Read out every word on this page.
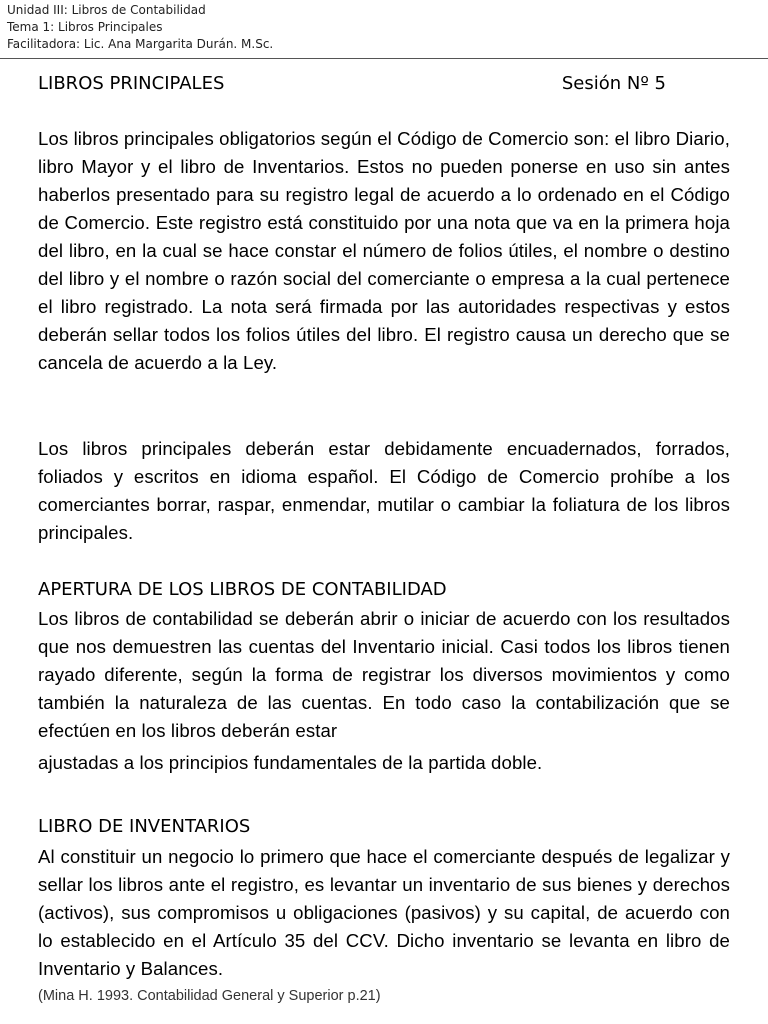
Unidad III: Libros de Contabilidad
Tema 1: Libros Principales
Facilitadora: Lic. Ana Margarita Durán. M.Sc.
LIBROS PRINCIPALES	Sesión Nº 5

Los libros principales obligatorios según el Código de Comercio son: el libro Diario, libro Mayor y el libro de Inventarios. Estos no pueden ponerse en uso sin antes haberlos presentado para su registro legal de acuerdo a lo ordenado en el Código de Comercio. Este registro está constituido por una nota que va en la primera hoja del libro, en la cual se hace constar el número de folios útiles, el nombre o destino del libro y el nombre o razón social del comerciante o empresa a la cual pertenece el libro registrado. La nota será firmada por las autoridades respectivas y estos deberán sellar todos los folios útiles del libro. El registro causa un derecho que se cancela de acuerdo a la Ley.

Los libros principales deberán estar debidamente encuadernados, forrados, foliados y escritos en idioma español. El Código de Comercio prohíbe a los comerciantes borrar, raspar, enmendar, mutilar o cambiar la foliatura de los libros principales.

APERTURA DE LOS LIBROS DE CONTABILIDAD

Los libros de contabilidad se deberán abrir o iniciar de acuerdo con los resultados que nos demuestren las cuentas del Inventario inicial. Casi todos los libros tienen rayado diferente, según la forma de registrar los diversos movimientos y como también la naturaleza de las cuentas. En todo caso la contabilización que se efectúen en los libros deberán estar
ajustadas a los principios fundamentales de la partida doble.

LIBRO DE INVENTARIOS

Al constituir un negocio lo primero que hace el comerciante después de legalizar y sellar los libros ante el registro, es levantar un inventario de sus bienes y derechos (activos), sus compromisos u obligaciones (pasivos) y su capital, de acuerdo con lo establecido en el Artículo 35 del CCV. Dicho inventario se levanta en libro de Inventario y Balances.

(Mina H. 1993. Contabilidad General y Superior p.21)
